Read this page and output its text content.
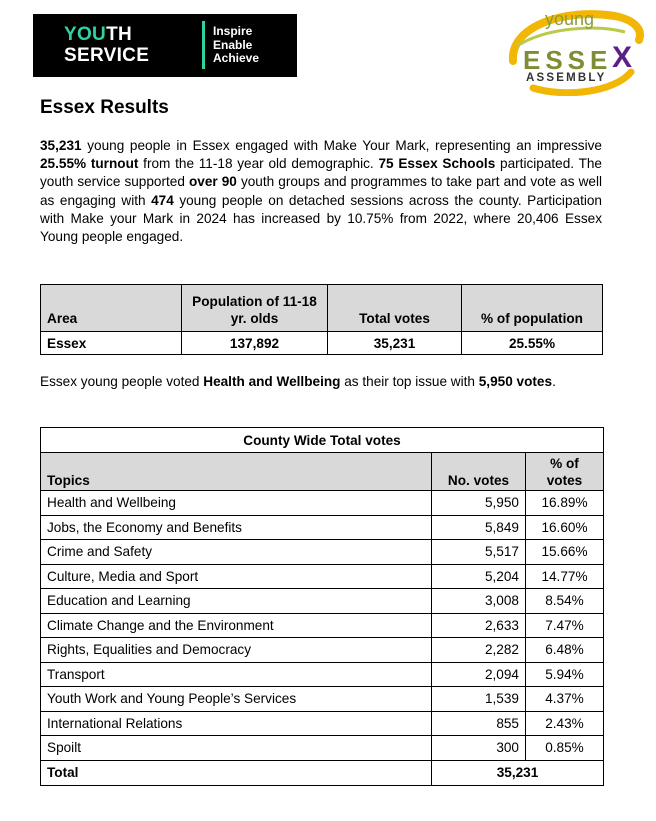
YOUTH
SERVICE
Inspire
Enable
Achieve
young
ESSE X
ASSEMBLY
Essex Results

35,231 young people in Essex engaged with Make Your Mark, representing an impressive 25.55% turnout from the 11-18 year old demographic. 75 Essex Schools participated. The youth service supported over 90 youth groups and programmes to take part and vote as well as engaging with 474 young people on detached sessions across the county. Participation with Make your Mark in 2024 has increased by 10.75% from 2022, where 20,406 Essex Young people engaged.

Area	Population of 11-18 yr. olds	Total votes	% of population
Essex	137,892	35,231	25.55%

Essex young people voted Health and Wellbeing as their top issue with 5,950 votes.

County Wide Total votes		
Topics	No. votes	% of votes
Health and Wellbeing	5,950	16.89%
Jobs, the Economy and Benefits	5,849	16.60%
Crime and Safety	5,517	15.66%
Culture, Media and Sport	5,204	14.77%
Education and Learning	3,008	8.54%
Climate Change and the Environment	2,633	7.47%
Rights, Equalities and Democracy	2,282	6.48%
Transport	2,094	5.94%
Youth Work and Young People’s Services	1,539	4.37%
International Relations	855	2.43%
Spoilt	300	0.85%
Total	35,231	
